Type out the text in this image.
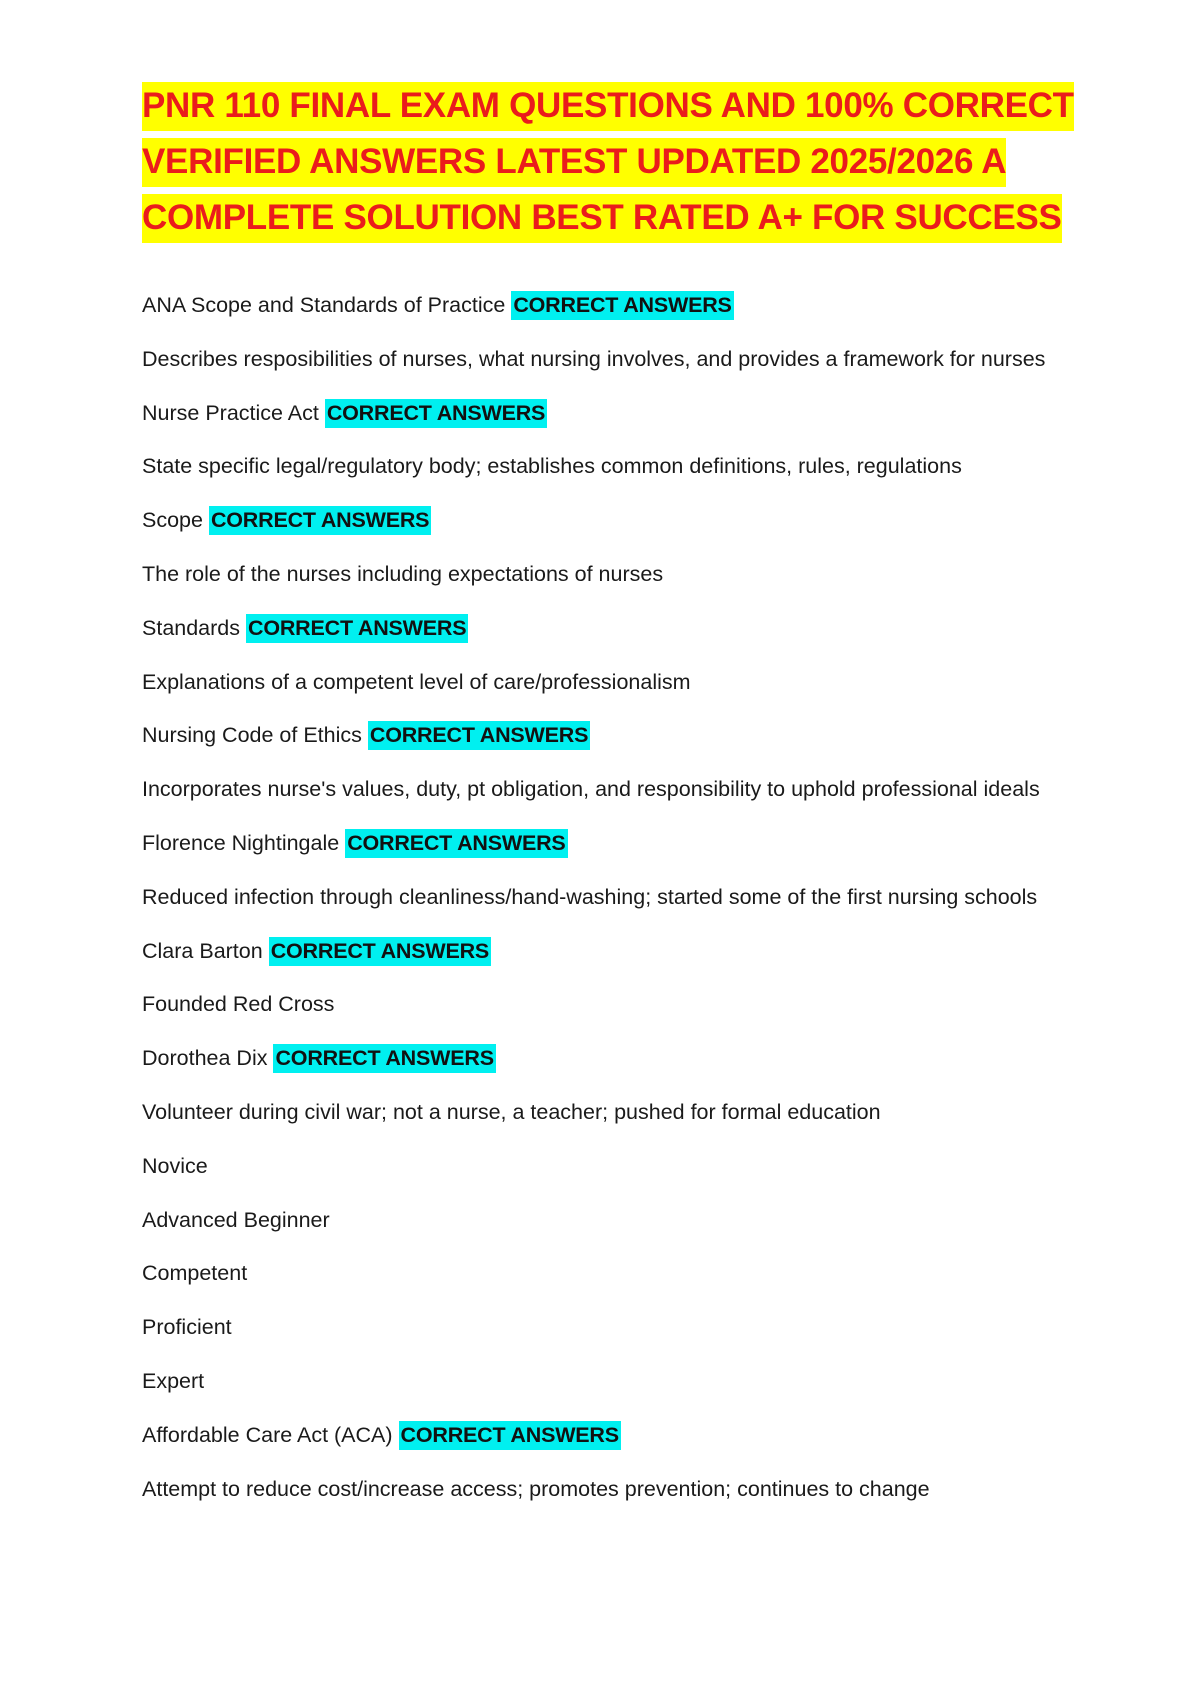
PNR 110 FINAL EXAM QUESTIONS AND 100% CORRECT VERIFIED ANSWERS LATEST UPDATED 2025/2026 A COMPLETE SOLUTION BEST RATED A+ FOR SUCCESS
ANA Scope and Standards of Practice CORRECT ANSWERS
Describes resposibilities of nurses, what nursing involves, and provides a framework for nurses
Nurse Practice Act CORRECT ANSWERS
State specific legal/regulatory body; establishes common definitions, rules, regulations
Scope CORRECT ANSWERS
The role of the nurses including expectations of nurses
Standards CORRECT ANSWERS
Explanations of a competent level of care/professionalism
Nursing Code of Ethics CORRECT ANSWERS
Incorporates nurse's values, duty, pt obligation, and responsibility to uphold professional ideals
Florence Nightingale CORRECT ANSWERS
Reduced infection through cleanliness/hand-washing; started some of the first nursing schools
Clara Barton CORRECT ANSWERS
Founded Red Cross
Dorothea Dix CORRECT ANSWERS
Volunteer during civil war; not a nurse, a teacher; pushed for formal education
Novice
Advanced Beginner
Competent
Proficient
Expert
Affordable Care Act (ACA) CORRECT ANSWERS
Attempt to reduce cost/increase access; promotes prevention; continues to change
